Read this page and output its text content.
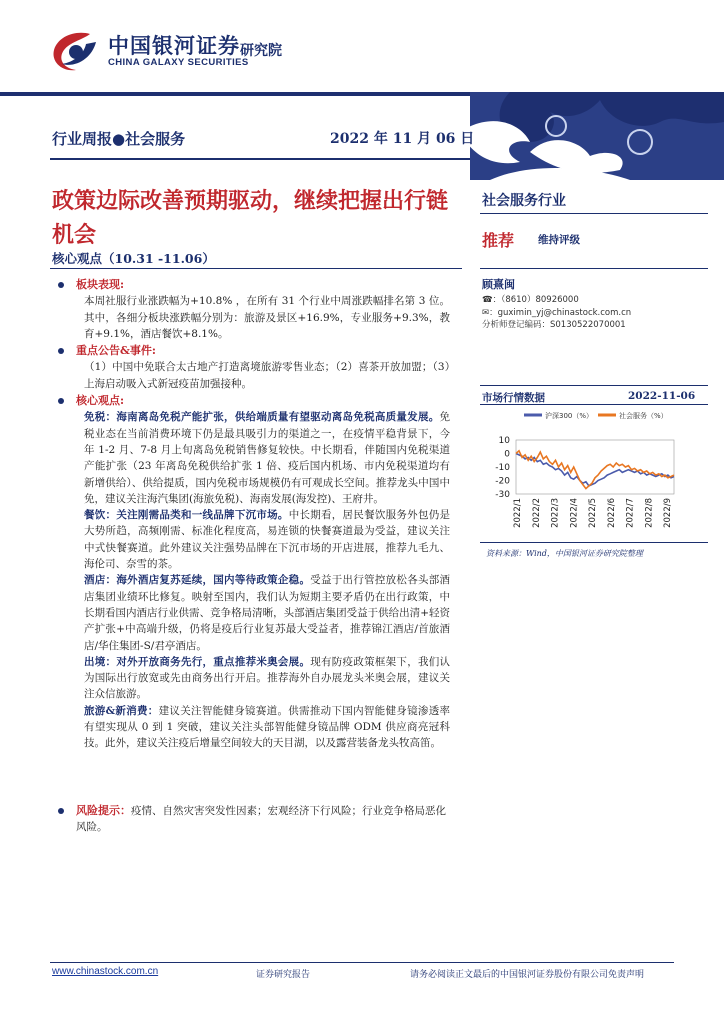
中国银河证券
CHINA GALAXY SECURITIES
研究院
行业周报●社会服务	2022 年 11 月 06 日
政策边际改善预期驱动，继续把握出行链机会
核心观点（10.31 -11.06）
板块表现:
本周社服行业涨跌幅为+10.8% ，在所有 31 个行业中周涨跌幅排名第 3 位。其中，各细分板块涨跌幅分别为：旅游及景区+16.9%，专业服务+9.3%，教育+9.1%，酒店餐饮+8.1%。
重点公告&事件:
（1）中国中免联合太古地产打造离境旅游零售业态；（2）喜茶开放加盟；（3）上海启动吸入式新冠疫苗加强接种。
核心观点:
免税：海南离岛免税产能扩张，供给端质量有望驱动离岛免税高质量发展。免税业态在当前消费环境下仍是最具吸引力的渠道之一，在疫情平稳背景下，今年 1-2 月、7-8 月上旬离岛免税销售修复较快。中长期看，伴随国内免税渠道产能扩张（23 年离岛免税供给扩张 1 倍、疫后国内机场、市内免税渠道均有新增供给）、供给提质，国内免税市场规模仍有可观成长空间。推荐龙头中国中免，建议关注海汽集团(海旅免税)、海南发展(海发控)、王府井。
餐饮：关注刚需品类和一线品牌下沉市场。中长期看，居民餐饮服务外包仍是大势所趋，高频刚需、标准化程度高，易连锁的快餐赛道最为受益，建议关注中式快餐赛道。此外建议关注强势品牌在下沉市场的开店进展，推荐九毛九、海伦司、奈雪的茶。
酒店：海外酒店复苏延续，国内等待政策企稳。受益于出行管控放松各头部酒店集团业绩环比修复。映射至国内，我们认为短期主要矛盾仍在出行政策，中长期看国内酒店行业供需、竞争格局清晰，头部酒店集团受益于供给出清+轻资产扩张+中高端升级，仍将是疫后行业复苏最大受益者，推荐锦江酒店/首旅酒店/华住集团-S/君亭酒店。
出境：对外开放商务先行，重点推荐米奥会展。现有防疫政策框架下，我们认为国际出行放宽或先由商务出行开启。推荐海外自办展龙头米奥会展，建议关注众信旅游。
旅游&新消费：建议关注智能健身镜赛道。供需推动下国内智能健身镜渗透率有望实现从 0 到 1 突破，建议关注头部智能健身镜品牌 ODM 供应商亮冠科技。此外，建议关注疫后增量空间较大的天目湖，以及露营装备龙头牧高笛。
风险提示：疫情、自然灾害突发性因素；宏观经济下行风险；行业竞争格局恶化风险。
社会服务行业
推荐 维持评级
顾熹闽
☎：（8610）80926000
✉：guximin_yj@chinastock.com.cn
分析师登记编码：S0130522070001
市场行情数据	2022-11-06
沪深300（%）	社会服务（%）
10
0
-10
-20
-30
2022/1 2022/2 2022/3 2022/4 2022/5 2022/6 2022/7 2022/8 2022/9
资料来源：Wind，中国银河证券研究院整理
www.chinastock.com.cn	证券研究报告	请务必阅读正文最后的中国银河证券股份有限公司免责声明
